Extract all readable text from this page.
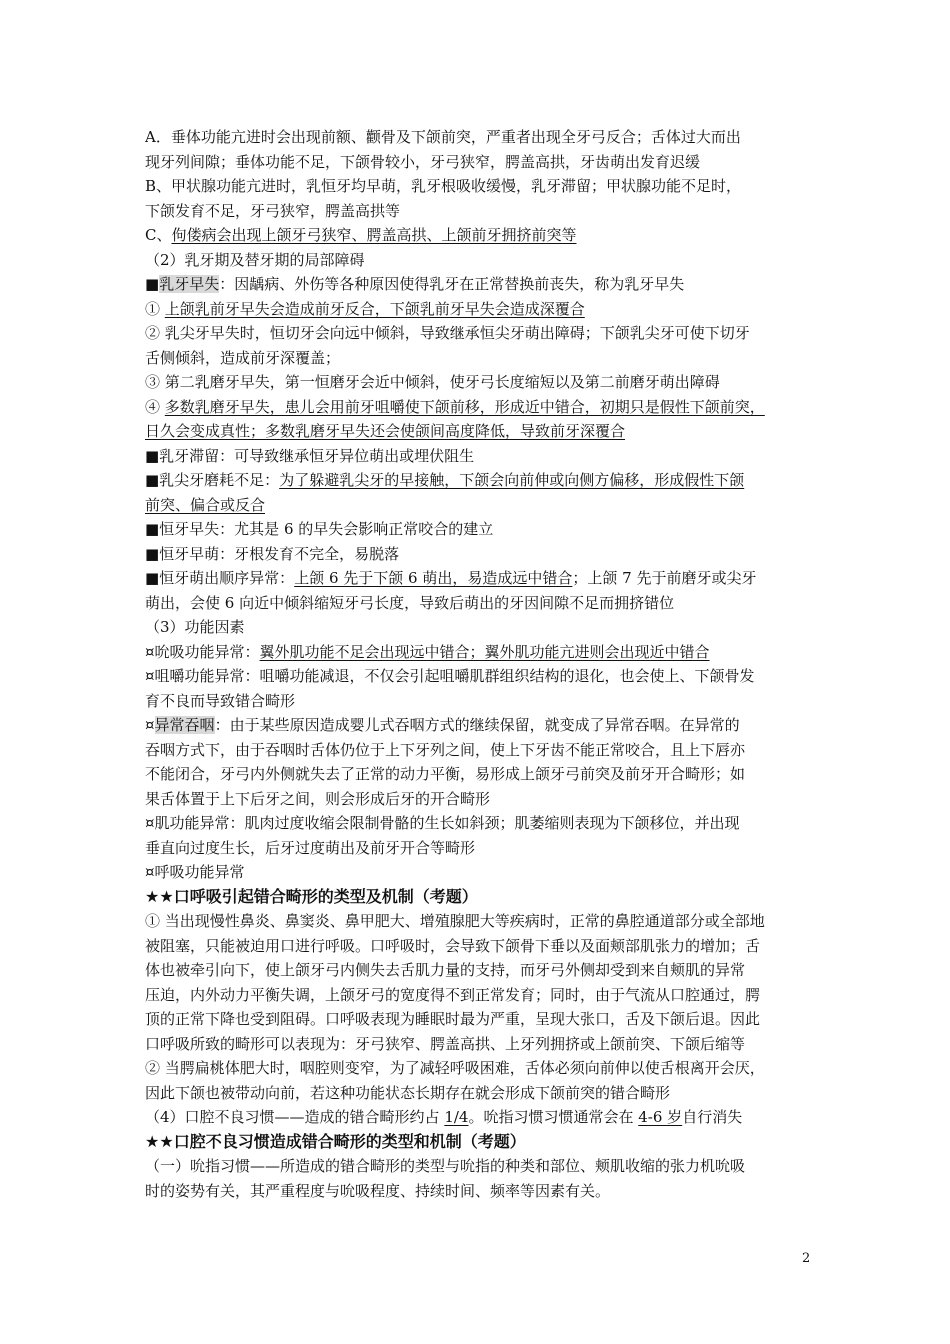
A．垂体功能亢进时会出现前额、颧骨及下颌前突，严重者出现全牙弓反合；舌体过大而出
现牙列间隙；垂体功能不足，下颌骨较小，牙弓狭窄，腭盖高拱，牙齿萌出发育迟缓
B、甲状腺功能亢进时，乳恒牙均早萌，乳牙根吸收缓慢，乳牙滞留；甲状腺功能不足时，
下颌发育不足，牙弓狭窄，腭盖高拱等
C、佝偻病会出现上颌牙弓狭窄、腭盖高拱、上颌前牙拥挤前突等
（2）乳牙期及替牙期的局部障碍
■乳牙早失：因龋病、外伤等各种原因使得乳牙在正常替换前丧失，称为乳牙早失
① 上颌乳前牙早失会造成前牙反合，下颌乳前牙早失会造成深覆合
② 乳尖牙早失时，恒切牙会向远中倾斜，导致继承恒尖牙萌出障碍；下颌乳尖牙可使下切牙
舌侧倾斜，造成前牙深覆盖；
③ 第二乳磨牙早失，第一恒磨牙会近中倾斜，使牙弓长度缩短以及第二前磨牙萌出障碍
④ 多数乳磨牙早失，患儿会用前牙咀嚼使下颌前移，形成近中错合，初期只是假性下颌前突，
日久会变成真性；多数乳磨牙早失还会使颌间高度降低，导致前牙深覆合
■乳牙滞留：可导致继承恒牙异位萌出或埋伏阻生
■乳尖牙磨耗不足：为了躲避乳尖牙的早接触，下颌会向前伸或向侧方偏移，形成假性下颌
前突、偏合或反合
■恒牙早失：尤其是 6 的早失会影响正常咬合的建立
■恒牙早萌：牙根发育不完全，易脱落
■恒牙萌出顺序异常：上颌 6 先于下颌 6 萌出，易造成远中错合；上颌 7 先于前磨牙或尖牙
萌出，会使 6 向近中倾斜缩短牙弓长度，导致后萌出的牙因间隙不足而拥挤错位
（3）功能因素
¤吮吸功能异常：翼外肌功能不足会出现远中错合；翼外肌功能亢进则会出现近中错合
¤咀嚼功能异常：咀嚼功能减退，不仅会引起咀嚼肌群组织结构的退化，也会使上、下颌骨发
育不良而导致错合畸形
¤异常吞咽：由于某些原因造成婴儿式吞咽方式的继续保留，就变成了异常吞咽。在异常的
吞咽方式下，由于吞咽时舌体仍位于上下牙列之间，使上下牙齿不能正常咬合，且上下唇亦
不能闭合，牙弓内外侧就失去了正常的动力平衡，易形成上颌牙弓前突及前牙开合畸形；如
果舌体置于上下后牙之间，则会形成后牙的开合畸形
¤肌功能异常：肌肉过度收缩会限制骨骼的生长如斜颈；肌萎缩则表现为下颌移位，并出现
垂直向过度生长，后牙过度萌出及前牙开合等畸形
¤呼吸功能异常
★★口呼吸引起错合畸形的类型及机制（考题）
① 当出现慢性鼻炎、鼻窦炎、鼻甲肥大、增殖腺肥大等疾病时，正常的鼻腔通道部分或全部地
被阻塞，只能被迫用口进行呼吸。口呼吸时，会导致下颌骨下垂以及面颊部肌张力的增加；舌
体也被牵引向下，使上颌牙弓内侧失去舌肌力量的支持，而牙弓外侧却受到来自颊肌的异常
压迫，内外动力平衡失调，上颌牙弓的宽度得不到正常发育；同时，由于气流从口腔通过，腭
顶的正常下降也受到阻碍。口呼吸表现为睡眠时最为严重，呈现大张口，舌及下颌后退。因此
口呼吸所致的畸形可以表现为：牙弓狭窄、腭盖高拱、上牙列拥挤或上颌前突、下颌后缩等
② 当腭扁桃体肥大时，咽腔则变窄，为了减轻呼吸困难，舌体必须向前伸以使舌根离开会厌，
因此下颌也被带动向前，若这种功能状态长期存在就会形成下颌前突的错合畸形
（4）口腔不良习惯——造成的错合畸形约占 1/4。吮指习惯习惯通常会在 4-6 岁自行消失
★★口腔不良习惯造成错合畸形的类型和机制（考题）
（一）吮指习惯——所造成的错合畸形的类型与吮指的种类和部位、颊肌收缩的张力机吮吸
时的姿势有关，其严重程度与吮吸程度、持续时间、频率等因素有关。
2
